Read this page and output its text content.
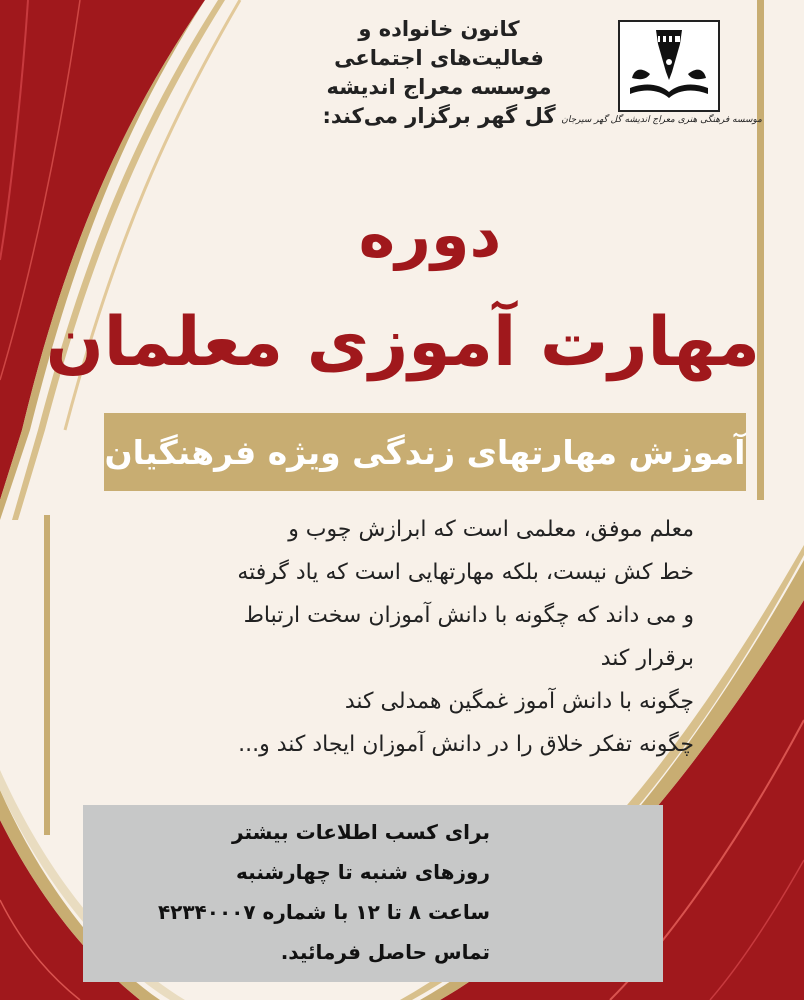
کانون خانواده و
فعالیت‌های اجتماعی
موسسه معراج اندیشه
گل گهر برگزار می‌کند: موسسه فرهنگی هنری معراج اندیشه گل گهر سیرجان
دوره
مهارت آموزی معلمان
آموزش مهارتهای زندگی ویژه فرهنگیان
معلم موفق، معلمی است که ابرازش چوب و
خط کش نیست، بلکه مهارتهایی است که یاد گرفته
و می داند که چگونه با دانش آموزان سخت ارتباط
برقرار کند
چگونه با دانش آموز غمگین همدلی کند
چگونه تفکر خلاق را در دانش آموزان ایجاد کند و...
برای کسب اطلاعات بیشتر
روزهای شنبه تا چهارشنبه
ساعت ۸ تا ۱۲ با شماره ۴۲۳۴۰۰۰۷
تماس حاصل فرمائید.
